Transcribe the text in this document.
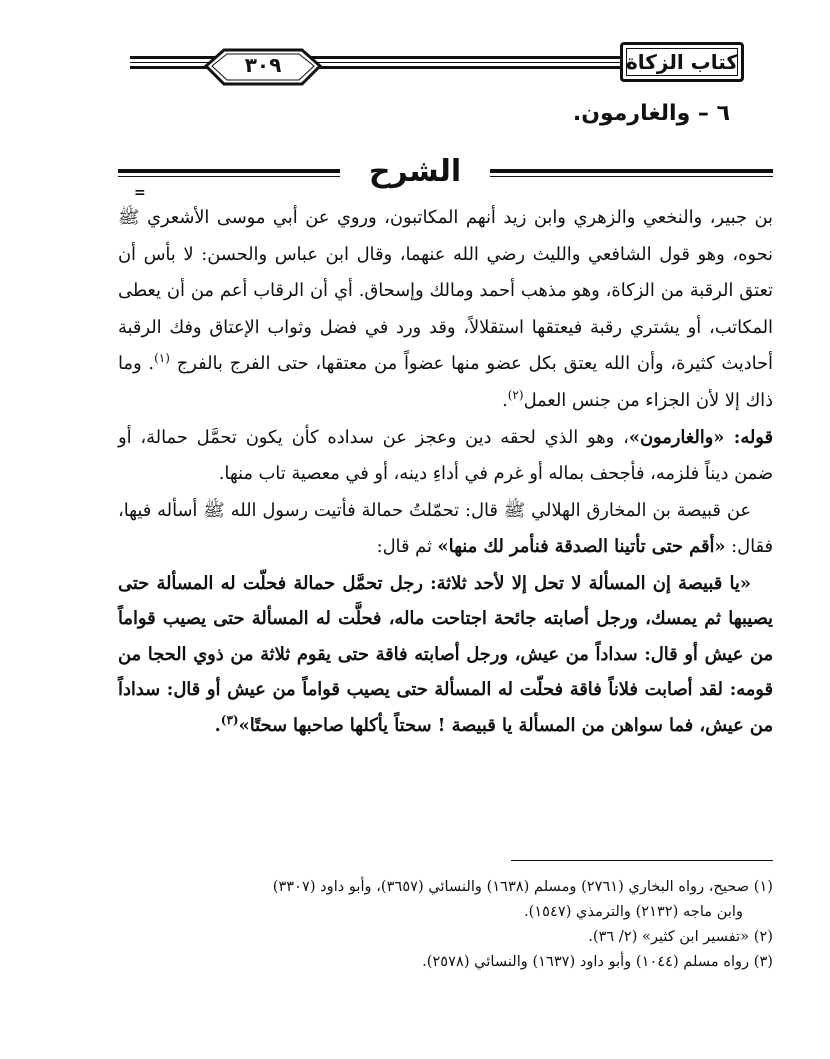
٣٠٩	كتاب الزكاة
٦ – والغارمون.
الشرح
=

بن جبير، والنخعي والزهري وابن زيد أنهم المكاتبون، وروي عن أبي موسى الأشعري ﷺ نحوه، وهو قول الشافعي والليث رضي الله عنهما، وقال ابن عباس والحسن: لا بأس أن تعتق الرقبة من الزكاة، وهو مذهب أحمد ومالك وإسحاق. أي أن الرقاب أعم من أن يعطى المكاتب، أو يشتري رقبة فيعتقها استقلالاً، وقد ورد في فضل وثواب الإعتاق وفك الرقبة أحاديث كثيرة، وأن الله يعتق بكل عضو منها عضواً من معتقها، حتى الفرج بالفرج $^{(١)}$. وما ذاك إلا لأن الجزاء من جنس العمل$^{(٢)}$.

قوله: «والغارمون»، وهو الذي لحقه دين وعجز عن سداده كأن يكون تحمَّل حمالة، أو ضمن ديناً فلزمه، فأجحف بماله أو غرم في أداءِ دينه، أو في معصية تاب منها.

عن قبيصة بن المخارق الهلالي ﷺ قال: تحمّلتُ حمالة فأتيت رسول الله ﷺ أسأله فيها، فقال: «أقم حتى تأتينا الصدقة فنأمر لك منها» ثم قال:

«يا قبيصة إن المسألة لا تحل إلا لأحد ثلاثة: رجل تحمَّل حمالة فحلّت له المسألة حتى يصيبها ثم يمسك، ورجل أصابته جائحة اجتاحت ماله، فحلَّت له المسألة حتى يصيب قواماً من عيش أو قال: سداداً من عيش، ورجل أصابته فاقة حتى يقوم ثلاثة من ذوي الحجا من قومه: لقد أصابت فلاناً فاقة فحلّت له المسألة حتى يصيب قواماً من عيش أو قال: سداداً من عيش، فما سواهن من المسألة يا قبيصة ! سحتاً يأكلها صاحبها سحتًا»$^{(٣)}$.

(١) صحيح، رواه البخاري (٢٧٦١) ومسلم (١٦٣٨) والنسائي (٣٦٥٧)، وأبو داود (٣٣٠٧)

وابن ماجه (٢١٣٢) والترمذي (١٥٤٧).

(٢) «تفسير ابن كثير» (٢/ ٣٦).

(٣) رواه مسلم (١٠٤٤) وأبو داود (١٦٣٧) والنسائي (٢٥٧٨).
